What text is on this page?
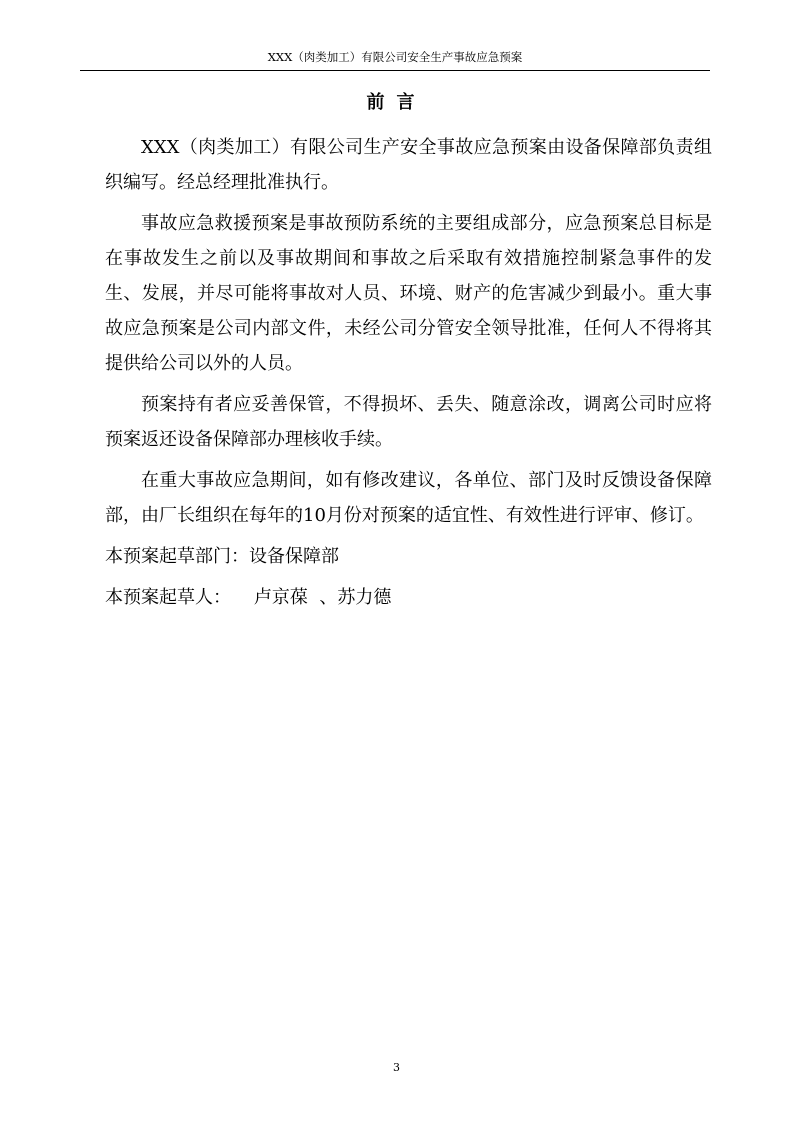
XXX（肉类加工）有限公司安全生产事故应急预案
前言

XXX（肉类加工）有限公司生产安全事故应急预案由设备保障部负责组织编写。经总经理批准执行。

事故应急救援预案是事故预防系统的主要组成部分，应急预案总目标是在事故发生之前以及事故期间和事故之后采取有效措施控制紧急事件的发生、发展，并尽可能将事故对人员、环境、财产的危害减少到最小。重大事故应急预案是公司内部文件，未经公司分管安全领导批准，任何人不得将其提供给公司以外的人员。

预案持有者应妥善保管，不得损坏、丢失、随意涂改，调离公司时应将预案返还设备保障部办理核收手续。

在重大事故应急期间，如有修改建议，各单位、部门及时反馈设备保障部，由厂长组织在每年的10月份对预案的适宜性、有效性进行评审、修订。

本预案起草部门：设备保障部
本预案起草人：    卢京葆  、苏力德
3
